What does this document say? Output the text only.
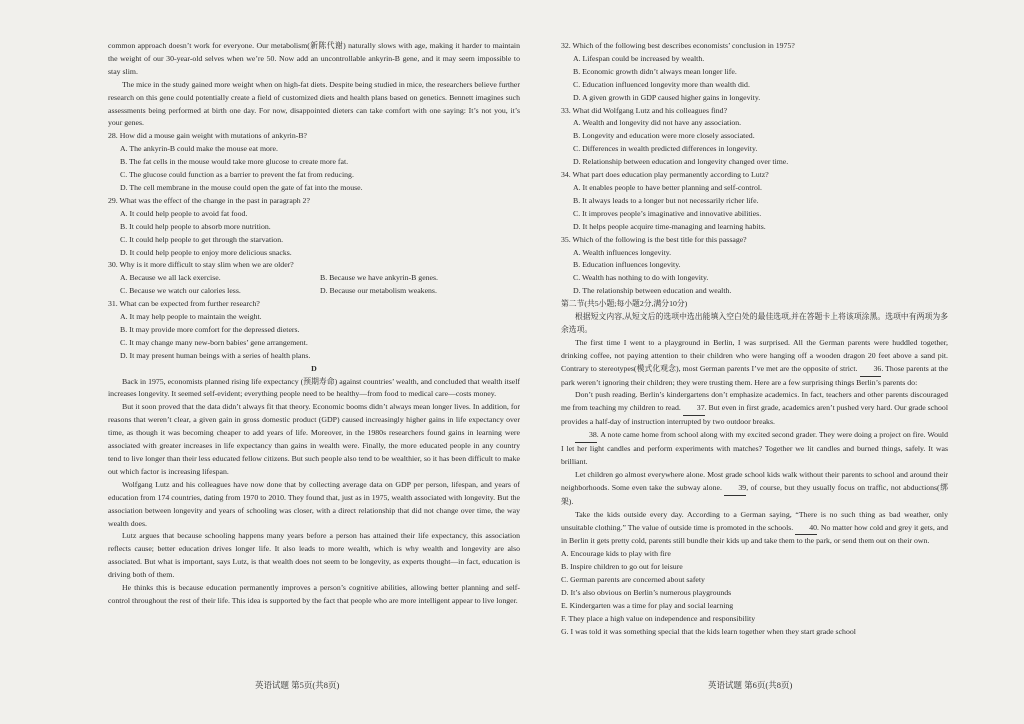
common approach doesn’t work for everyone. Our metabolism(新陈代谢) naturally slows with age, making it harder to maintain the weight of our 30-year-old selves when we’re 50. Now add an uncontrollable ankyrin-B gene, and it may seem impossible to stay slim.
The mice in the study gained more weight when on high-fat diets. Despite being studied in mice, the researchers believe further research on this gene could potentially create a field of customized diets and health plans based on genetics. Bennett imagines such assessments being performed at birth one day. For now, disappointed dieters can take comfort with one saying: It’s not you, it’s your genes.
28. How did a mouse gain weight with mutations of ankyrin-B?
A. The ankyrin-B could make the mouse eat more.
B. The fat cells in the mouse would take more glucose to create more fat.
C. The glucose could function as a barrier to prevent the fat from reducing.
D. The cell membrane in the mouse could open the gate of fat into the mouse.
29. What was the effect of the change in the past in paragraph 2?
A. It could help people to avoid fat food.
B. It could help people to absorb more nutrition.
C. It could help people to get through the starvation.
D. It could help people to enjoy more delicious snacks.
30. Why is it more difficult to stay slim when we are older?
A. Because we all lack exercise.	B. Because we have ankyrin-B genes.
C. Because we watch our calories less.	D. Because our metabolism weakens.
31. What can be expected from further research?
A. It may help people to maintain the weight.
B. It may provide more comfort for the depressed dieters.
C. It may change many new-born babies’ gene arrangement.
D. It may present human beings with a series of health plans.
D
Back in 1975, economists planned rising life expectancy (预期寿命) against countries’ wealth, and concluded that wealth itself increases longevity. It seemed self-evident; everything people need to be healthy—from food to medical care—costs money.
But it soon proved that the data didn’t always fit that theory. Economic booms didn’t always mean longer lives. In addition, for reasons that weren’t clear, a given gain in gross domestic product (GDP) caused increasingly higher gains in life expectancy over time, as though it was becoming cheaper to add years of life. Moreover, in the 1980s researchers found gains in learning were associated with greater increases in life expectancy than gains in wealth were. Finally, the more educated people in any country tend to live longer than their less educated fellow citizens. But such people also tend to be wealthier, so it has been difficult to make out which factor is increasing lifespan.
Wolfgang Lutz and his colleagues have now done that by collecting average data on GDP per person, lifespan, and years of education from 174 countries, dating from 1970 to 2010. They found that, just as in 1975, wealth associated with longevity. But the association between longevity and years of schooling was closer, with a direct relationship that did not change over time, the way wealth does.
Lutz argues that because schooling happens many years before a person has attained their life expectancy, this association reflects cause; better education drives longer life. It also leads to more wealth, which is why wealth and longevity are also associated. But what is important, says Lutz, is that wealth does not seem to be longevity, as experts thought—in fact, education is driving both of them.
He thinks this is because education permanently improves a person’s cognitive abilities, allowing better planning and self-control throughout the rest of their life. This idea is supported by the fact that people who are more intelligent appear to live longer.
32. Which of the following best describes economists’ conclusion in 1975?
A. Lifespan could be increased by wealth.
B. Economic growth didn’t always mean longer life.
C. Education influenced longevity more than wealth did.
D. A given growth in GDP caused higher gains in longevity.
33. What did Wolfgang Lutz and his colleagues find?
A. Wealth and longevity did not have any association.
B. Longevity and education were more closely associated.
C. Differences in wealth predicted differences in longevity.
D. Relationship between education and longevity changed over time.
34. What part does education play permanently according to Lutz?
A. It enables people to have better planning and self-control.
B. It always leads to a longer but not necessarily richer life.
C. It improves people’s imaginative and innovative abilities.
D. It helps people acquire time-managing and learning habits.
35. Which of the following is the best title for this passage?
A. Wealth influences longevity.
B. Education influences longevity.
C. Wealth has nothing to do with longevity.
D. The relationship between education and wealth.
第二节(共5小题;每小题2分,满分10分)
根据短文内容,从短文后的选项中选出能填入空白处的最佳选项,并在答题卡上将该项涂黑。选项中有两项为多余选项。
The first time I went to a playground in Berlin, I was surprised. All the German parents were huddled together, drinking coffee, not paying attention to their children who were hanging off a wooden dragon 20 feet above a sand pit. Contrary to stereotypes(模式化观念), most German parents I’ve met are the opposite of strict. 36. Those parents at the park weren’t ignoring their children; they were trusting them. Here are a few surprising things Berlin’s parents do:
Don’t push reading. Berlin’s kindergartens don’t emphasize academics. In fact, teachers and other parents discouraged me from teaching my children to read. 37. But even in first grade, academics aren’t pushed very hard. Our grade school provides a half-day of instruction interrupted by two outdoor breaks.
38. A note came home from school along with my excited second grader. They were doing a project on fire. Would I let her light candles and perform experiments with matches? Together we lit candles and burned things, safely. It was brilliant.
Let children go almost everywhere alone. Most grade school kids walk without their parents to school and around their neighborhoods. Some even take the subway alone. 39, of course, but they usually focus on traffic, not abductions(绑架).
Take the kids outside every day. According to a German saying, “There is no such thing as bad weather, only unsuitable clothing.” The value of outside time is promoted in the schools. 40. No matter how cold and grey it gets, and in Berlin it gets pretty cold, parents still bundle their kids up and take them to the park, or send them out on their own.
A. Encourage kids to play with fire
B. Inspire children to go out for leisure
C. German parents are concerned about safety
D. It’s also obvious on Berlin’s numerous playgrounds
E. Kindergarten was a time for play and social learning
F. They place a high value on independence and responsibility
G. I was told it was something special that the kids learn together when they start grade school
英语试题 第5页(共8页)	英语试题 第6页(共8页)
